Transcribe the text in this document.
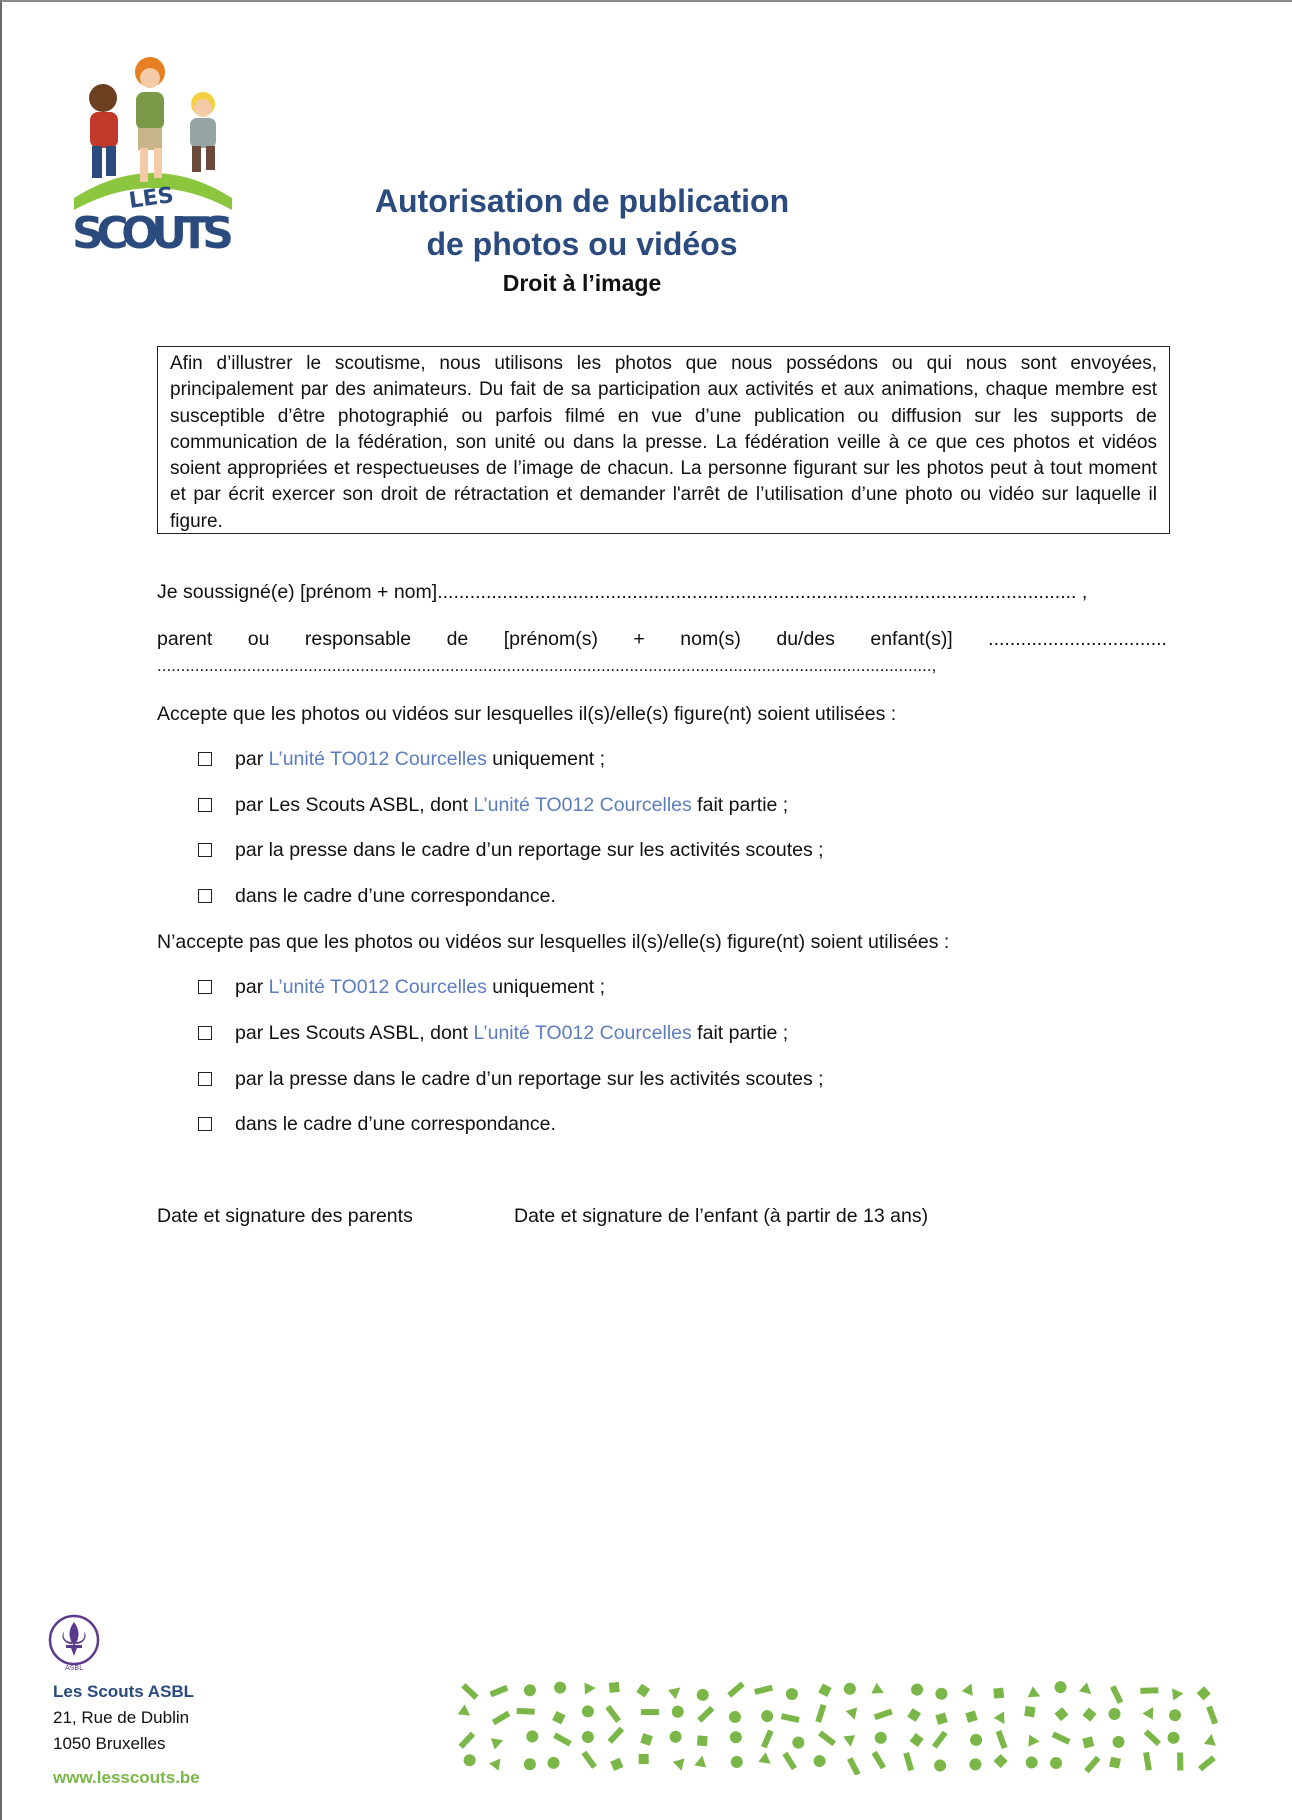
LES
SCOUTS
Autorisation de publication
de photos ou vidéos
Droit à l’image

Afin d’illustrer le scoutisme, nous utilisons les photos que nous possédons ou qui nous sont envoyées, principalement par des animateurs. Du fait de sa participation aux activités et aux animations, chaque membre est susceptible d’être photographié ou parfois filmé en vue d’une publication ou diffusion sur les supports de communication de la fédération, son unité ou dans la presse. La fédération veille à ce que ces photos et vidéos soient appropriées et respectueuses de l’image de chacun. La personne figurant sur les photos peut à tout moment et par écrit exercer son droit de rétractation et demander l'arrêt de l’utilisation d’une photo ou vidéo sur laquelle il figure.

Je soussigné(e) [prénom + nom]...................................................................................................................... ,
parent ou responsable de [prénom(s) + nom(s) du/des enfant(s)] .................................
....................................................................................................................................................................,
Accepte que les photos ou vidéos sur lesquelles il(s)/elle(s) figure(nt) soient utilisées :
par L’unité TO012 Courcelles uniquement ;
par Les Scouts ASBL, dont L’unité TO012 Courcelles fait partie ;
par la presse dans le cadre d’un reportage sur les activités scoutes ;
dans le cadre d’une correspondance.
N’accepte pas que les photos ou vidéos sur lesquelles il(s)/elle(s) figure(nt) soient utilisées :
par L’unité TO012 Courcelles uniquement ;
par Les Scouts ASBL, dont L’unité TO012 Courcelles fait partie ;
par la presse dans le cadre d’un reportage sur les activités scoutes ;
dans le cadre d’une correspondance.
Date et signature des parents	Date et signature de l’enfant (à partir de 13 ans)
ASBL
Les Scouts ASBL
21, Rue de Dublin
1050 Bruxelles
www.lesscouts.be
